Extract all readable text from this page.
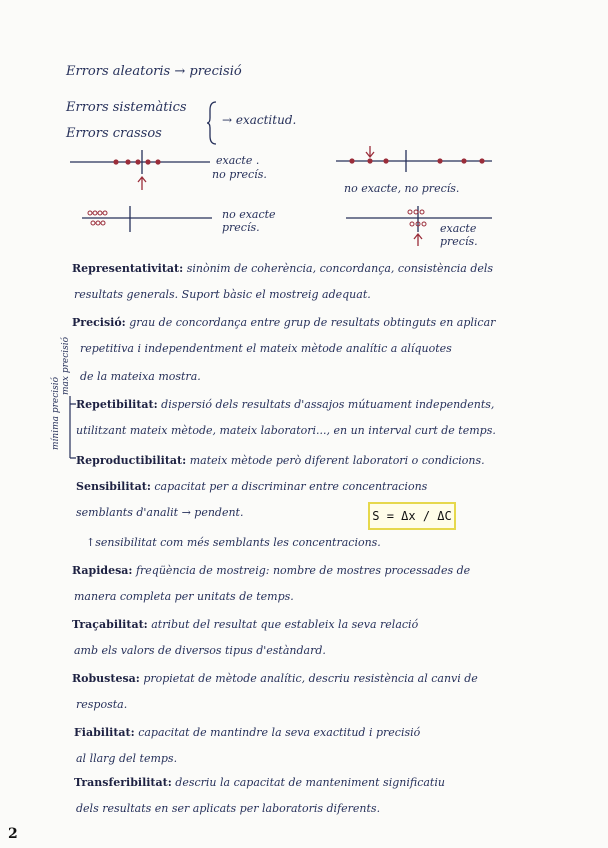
Errors aleatoris → precisió
Errors sistemàtics
Errors crassos
→ exactitud.
exacte .
no precís.
no exacte, no precís.
no exacte
precís.	exacte
precís.
mínima precisió
max precisió
Representativitat: sinònim de coherència, concordança, consistència dels
resultats generals. Suport bàsic el mostreig adequat.
Precisió: grau de concordança entre grup de resultats obtinguts en aplicar
repetitiva i independentment el mateix mètode analític a alíquotes
de la mateixa mostra.
Repetibilitat: dispersió dels resultats d'assajos mútuament independents,
utilitzant mateix mètode, mateix laboratori..., en un interval curt de temps.
Reproductibilitat: mateix mètode però diferent laboratori o condicions.
Sensibilitat: capacitat per a discriminar entre concentracions
semblants d'analit → pendent.	S = Δx / ΔC
↑sensibilitat com més semblants les concentracions.
Rapidesa: freqüència de mostreig: nombre de mostres processades de
manera completa per unitats de temps.
Traçabilitat: atribut del resultat que estableix la seva relació
amb els valors de diversos tipus d'estàndard.
Robustesa: propietat de mètode analític, descriu resistència al canvi de
resposta.
Fiabilitat: capacitat de mantindre la seva exactitud i precisió
al llarg del temps.
Transferibilitat: descriu la capacitat de manteniment significatiu
dels resultats en ser aplicats per laboratoris diferents.
2
